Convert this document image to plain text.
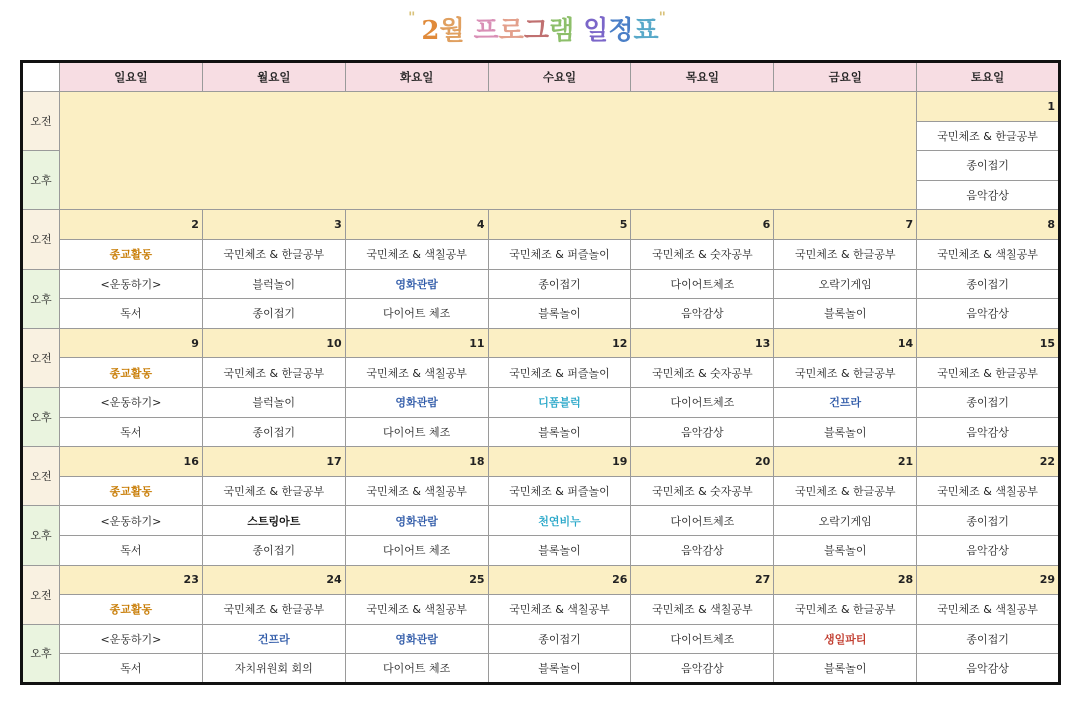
"2월 프로그램 일정표"
	일요일	월요일	화요일	수요일	목요일	금요일	토요일
오전							1
							국민체조 & 한글공부
오후							종이접기
							음악감상
오전	2	3	4	5	6	7	8
	종교활동	국민체조 & 한글공부	국민체조 & 색칠공부	국민체조 & 퍼즐놀이	국민체조 & 숫자공부	국민체조 & 한글공부	국민체조 & 색칠공부
오후	<운동하기>	블럭놀이	영화관람	종이접기	다이어트체조	오락기게임	종이접기
	독서	종이접기	다이어트 체조	블록놀이	음악감상	블록놀이	음악감상
오전	9	10	11	12	13	14	15
	종교활동	국민체조 & 한글공부	국민체조 & 색칠공부	국민체조 & 퍼즐놀이	국민체조 & 숫자공부	국민체조 & 한글공부	국민체조 & 한글공부
오후	<운동하기>	블럭놀이	영화관람	디폼블럭	다이어트체조	건프라	종이접기
	독서	종이접기	다이어트 체조	블록놀이	음악감상	블록놀이	음악감상
오전	16	17	18	19	20	21	22
	종교활동	국민체조 & 한글공부	국민체조 & 색칠공부	국민체조 & 퍼즐놀이	국민체조 & 숫자공부	국민체조 & 한글공부	국민체조 & 색칠공부
오후	<운동하기>	스트링아트	영화관람	천연비누	다이어트체조	오락기게임	종이접기
	독서	종이접기	다이어트 체조	블록놀이	음악감상	블록놀이	음악감상
오전	23	24	25	26	27	28	29
	종교활동	국민체조 & 한글공부	국민체조 & 색칠공부	국민체조 & 색칠공부	국민체조 & 색칠공부	국민체조 & 한글공부	국민체조 & 색칠공부
오후	<운동하기>	건프라	영화관람	종이접기	다이어트체조	생일파티	종이접기
	독서	자치위원회 회의	다이어트 체조	블록놀이	음악감상	블록놀이	음악감상
